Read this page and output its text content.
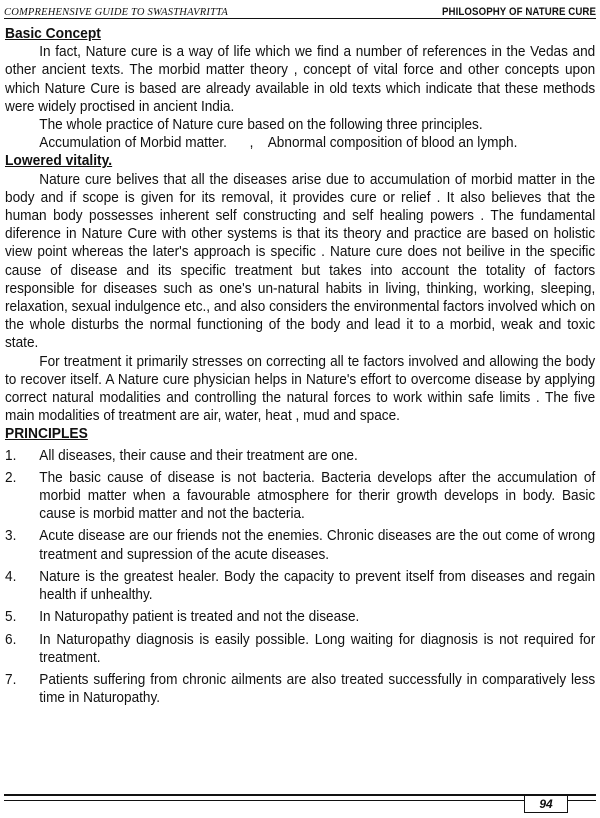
COMPREHENSIVE GUIDE TO SWASTHAVRITTA	PHILOSOPHY OF NATURE CURE

Basic Concept

In fact, Nature cure is a way of life which we find a number of references in the Vedas and other ancient texts. The morbid matter theory , concept of vital force and other concepts upon which Nature Cure is based are already available in old texts which indicate that these methods were widely proctised in ancient India.

The whole practice of Nature cure based on the following three principles.

Accumulation of Morbid matter.      ,    Abnormal composition of blood an lymph.

Lowered vitality.

Nature cure belives that all the diseases arise due to accumulation of morbid matter in the body and if scope is given for its removal, it provides cure or relief . It also believes that the human body possesses inherent self constructing and self healing powers . The fundamental diference in Nature Cure with other systems is that its theory and practice are based on holistic view point whereas the later's approach is specific . Nature cure does not beilive in the specific cause of disease and its specific treatment but takes into account the totality of factors responsible for diseases such as one's un-natural habits in living, thinking, working, sleeping, relaxation, sexual indulgence etc., and also considers the environmental factors involved which on the whole disturbs the normal functioning of the body and lead it to a morbid, weak and toxic state.

For treatment it primarily stresses on correcting all te factors involved and allowing the body to recover itself. A Nature cure physician helps in Nature's effort to overcome disease by applying correct natural modalities and controlling the natural forces to work within safe limits . The five main modalities of treatment are air, water, heat , mud and space.

PRINCIPLES

1.	All diseases, their cause and their treatment are one.
2.	The basic cause of disease is not bacteria. Bacteria develops after the accumulation of morbid matter when a favourable atmosphere for therir growth develops in body. Basic cause is morbid matter and not the bacteria.
3.	Acute disease are our friends not the enemies. Chronic diseases are the out come of wrong treatment and supression of the acute diseases.
4.	Nature is the greatest healer. Body the capacity to prevent itself from diseases and regain health if unhealthy.
5.	In Naturopathy patient is treated and not the disease.
6.	In Naturopathy diagnosis is easily possible. Long waiting for diagnosis is not required for treatment.
7.	Patients suffering from chronic ailments are also treated successfully in comparatively less time in Naturopathy.
94
